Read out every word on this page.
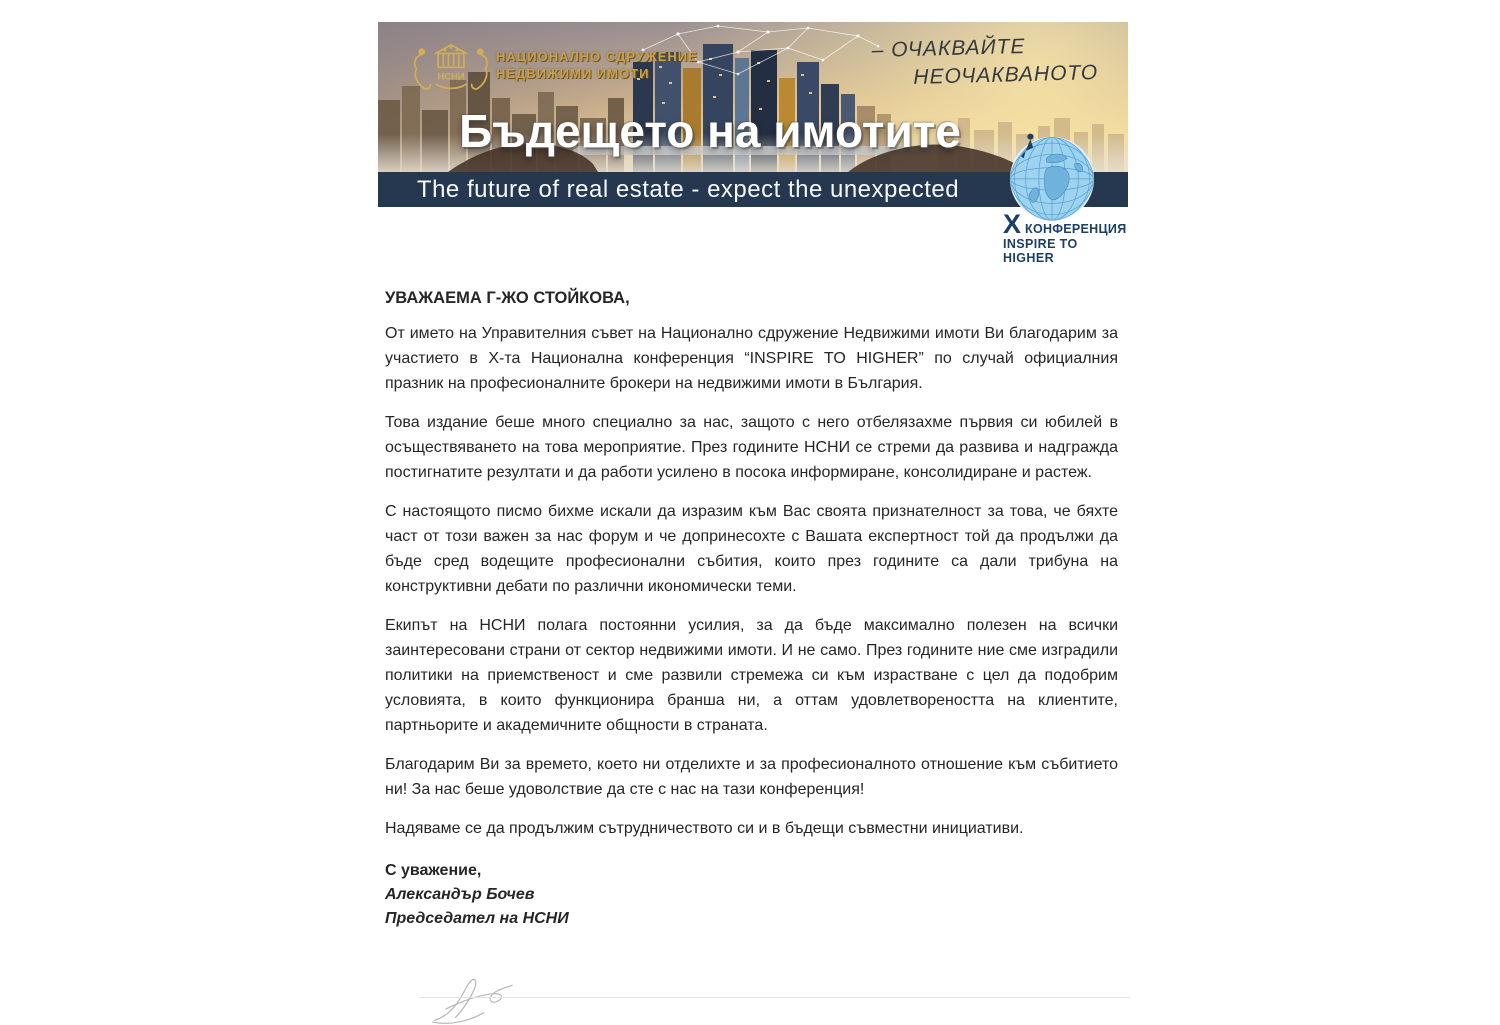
НСНИ
НАЦИОНАЛНО СДРУЖЕНИЕ
НЕДВИЖИМИ ИМОТИ
– ОЧАКВАЙТЕ
НЕОЧАКВАНОТО
Бъдещето на имотите
The future of real estate - expect the unexpected
X КОНФЕРЕНЦИЯ
INSPIRE TO HIGHER

УВАЖАЕМА Г-ЖО СТОЙКОВА,

От името на Управителния съвет на Национално сдружение Недвижими имоти Ви благодарим за участието в X-та Национална конференция “INSPIRE TO HIGHER” по случай официалния празник на професионалните брокери на недвижими имоти в България.

Това издание беше много специално за нас, защото с него отбелязахме първия си юбилей в осъществяването на това мероприятие. През годините НСНИ се стреми да развива и надгражда постигнатите резултати и да работи усилено в посока информиране, консолидиране и растеж.

С настоящото писмо бихме искали да изразим към Вас своята признателност за това, че бяхте част от този важен за нас форум и че допринесохте с Вашата експертност той да продължи да бъде сред водещите професионални събития, които през годините са дали трибуна на конструктивни дебати по различни икономически теми.

Екипът на НСНИ полага постоянни усилия, за да бъде максимално полезен на всички заинтересовани страни от сектор недвижими имоти. И не само. През годините ние сме изградили политики на приемственост и сме развили стремежа си към израстване с цел да подобрим условията, в които функционира бранша ни, а оттам удовлетвореността на клиентите, партньорите и академичните общности в страната.

Благодарим Ви за времето, което ни отделихте и за професионалното отношение към събитието ни! За нас беше удоволствие да сте с нас на тази конференция!

Надяваме се да продължим сътрудничеството си и в бъдещи съвместни инициативи.

С уважение,
Александър Бочев
Председател на НСНИ
